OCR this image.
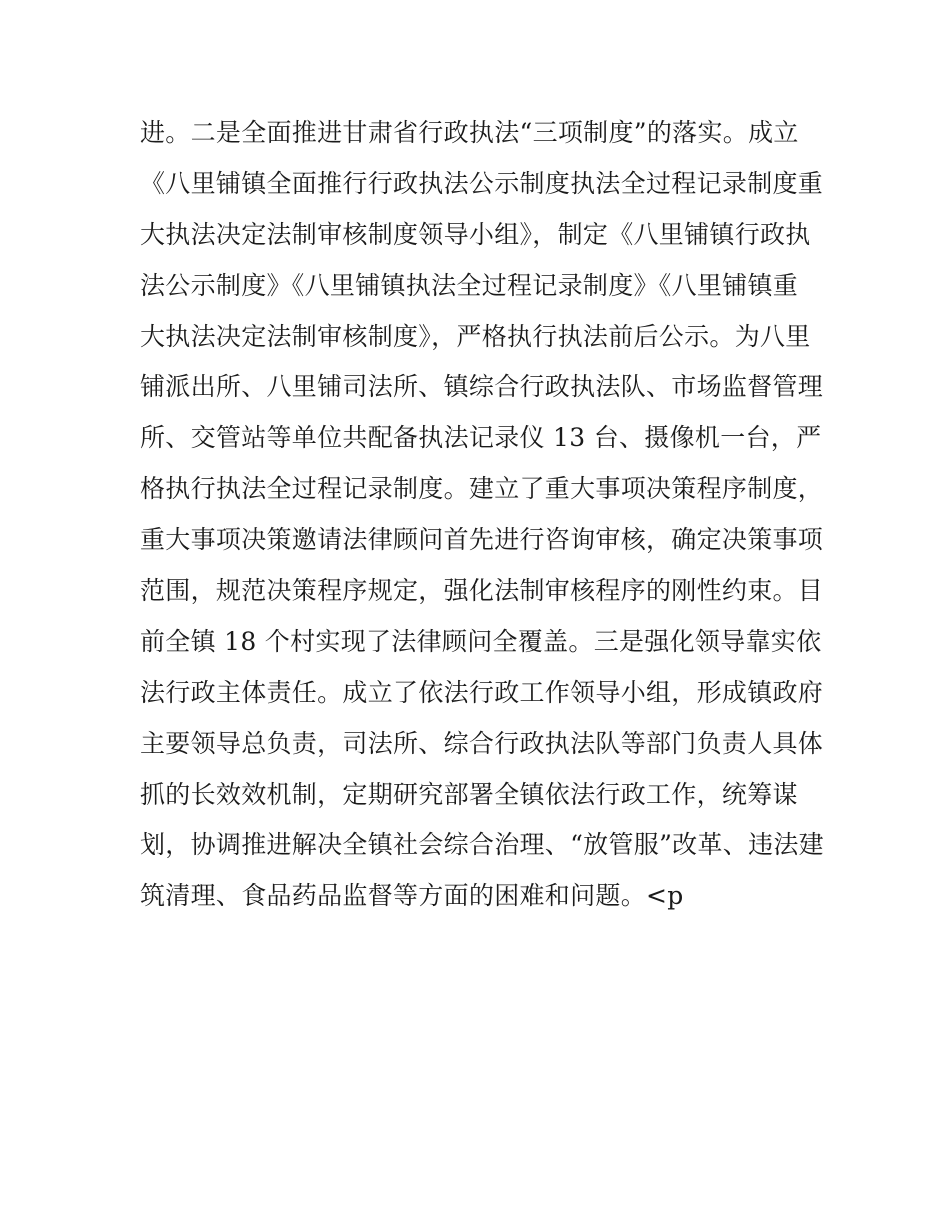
进。二是全面推进甘肃省行政执法“三项制度”的落实。成立
《八里铺镇全面推行行政执法公示制度执法全过程记录制度重
大执法决定法制审核制度领导小组》，制定《八里铺镇行政执
法公示制度》《八里铺镇执法全过程记录制度》《八里铺镇重
大执法决定法制审核制度》，严格执行执法前后公示。为八里
铺派出所、八里铺司法所、镇综合行政执法队、市场监督管理
所、交管站等单位共配备执法记录仪 13 台、摄像机一台，严
格执行执法全过程记录制度。建立了重大事项决策程序制度，
重大事项决策邀请法律顾问首先进行咨询审核，确定决策事项
范围，规范决策程序规定，强化法制审核程序的刚性约束。目
前全镇 18 个村实现了法律顾问全覆盖。三是强化领导靠实依
法行政主体责任。成立了依法行政工作领导小组，形成镇政府
主要领导总负责，司法所、综合行政执法队等部门负责人具体
抓的长效效机制，定期研究部署全镇依法行政工作，统筹谋
划，协调推进解决全镇社会综合治理、“放管服”改革、违法建
筑清理、食品药品监督等方面的困难和问题。<p
